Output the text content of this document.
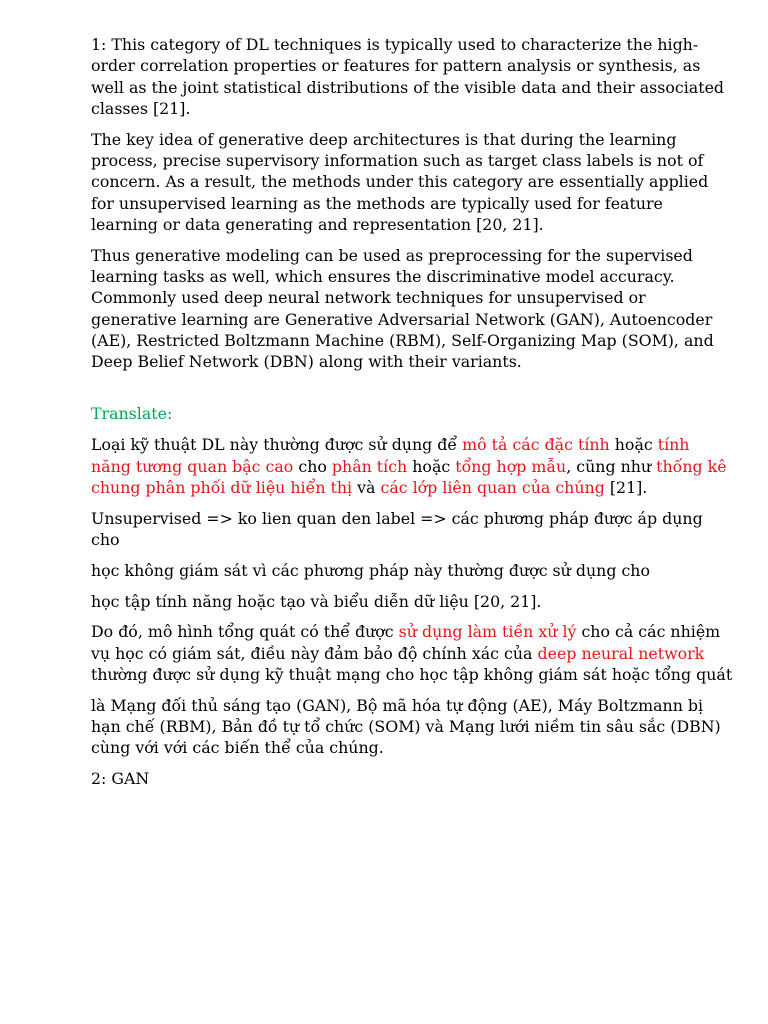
1: This category of DL techniques is typically used to characterize the high-order correlation properties or features for pattern analysis or synthesis, as well as the joint statistical distributions of the visible data and their associated classes [21].

The key idea of generative deep architectures is that during the learning process, precise supervisory information such as target class labels is not of concern. As a result, the methods under this category are essentially applied for unsupervised learning as the methods are typically used for feature learning or data generating and representation [20, 21].

Thus generative modeling can be used as preprocessing for the supervised learning tasks as well, which ensures the discriminative model accuracy. Commonly used deep neural network techniques for unsupervised or generative learning are Generative Adversarial Network (GAN), Autoencoder (AE), Restricted Boltzmann Machine (RBM), Self-Organizing Map (SOM), and Deep Belief Network (DBN) along with their variants.

Translate:

Loại kỹ thuật DL này thường được sử dụng để mô tả các đặc tính hoặc tính năng tương quan bậc cao cho phân tích hoặc tổng hợp mẫu, cũng như thống kê chung phân phối dữ liệu hiển thị và các lớp liên quan của chúng [21].

Unsupervised => ko lien quan den label => các phương pháp được áp dụng cho

học không giám sát vì các phương pháp này thường được sử dụng cho

học tập tính năng hoặc tạo và biểu diễn dữ liệu [20, 21].

Do đó, mô hình tổng quát có thể được sử dụng làm tiền xử lý cho cả các nhiệm vụ học có giám sát, điều này đảm bảo độ chính xác của deep neural network  thường được sử dụng kỹ thuật mạng cho học tập không giám sát hoặc tổng quát

là Mạng đối thủ sáng tạo (GAN), Bộ mã hóa tự động (AE), Máy Boltzmann bị hạn chế (RBM), Bản đồ tự tổ chức (SOM) và Mạng lưới niềm tin sâu sắc (DBN) cùng với với các biến thể của chúng.

2: GAN
